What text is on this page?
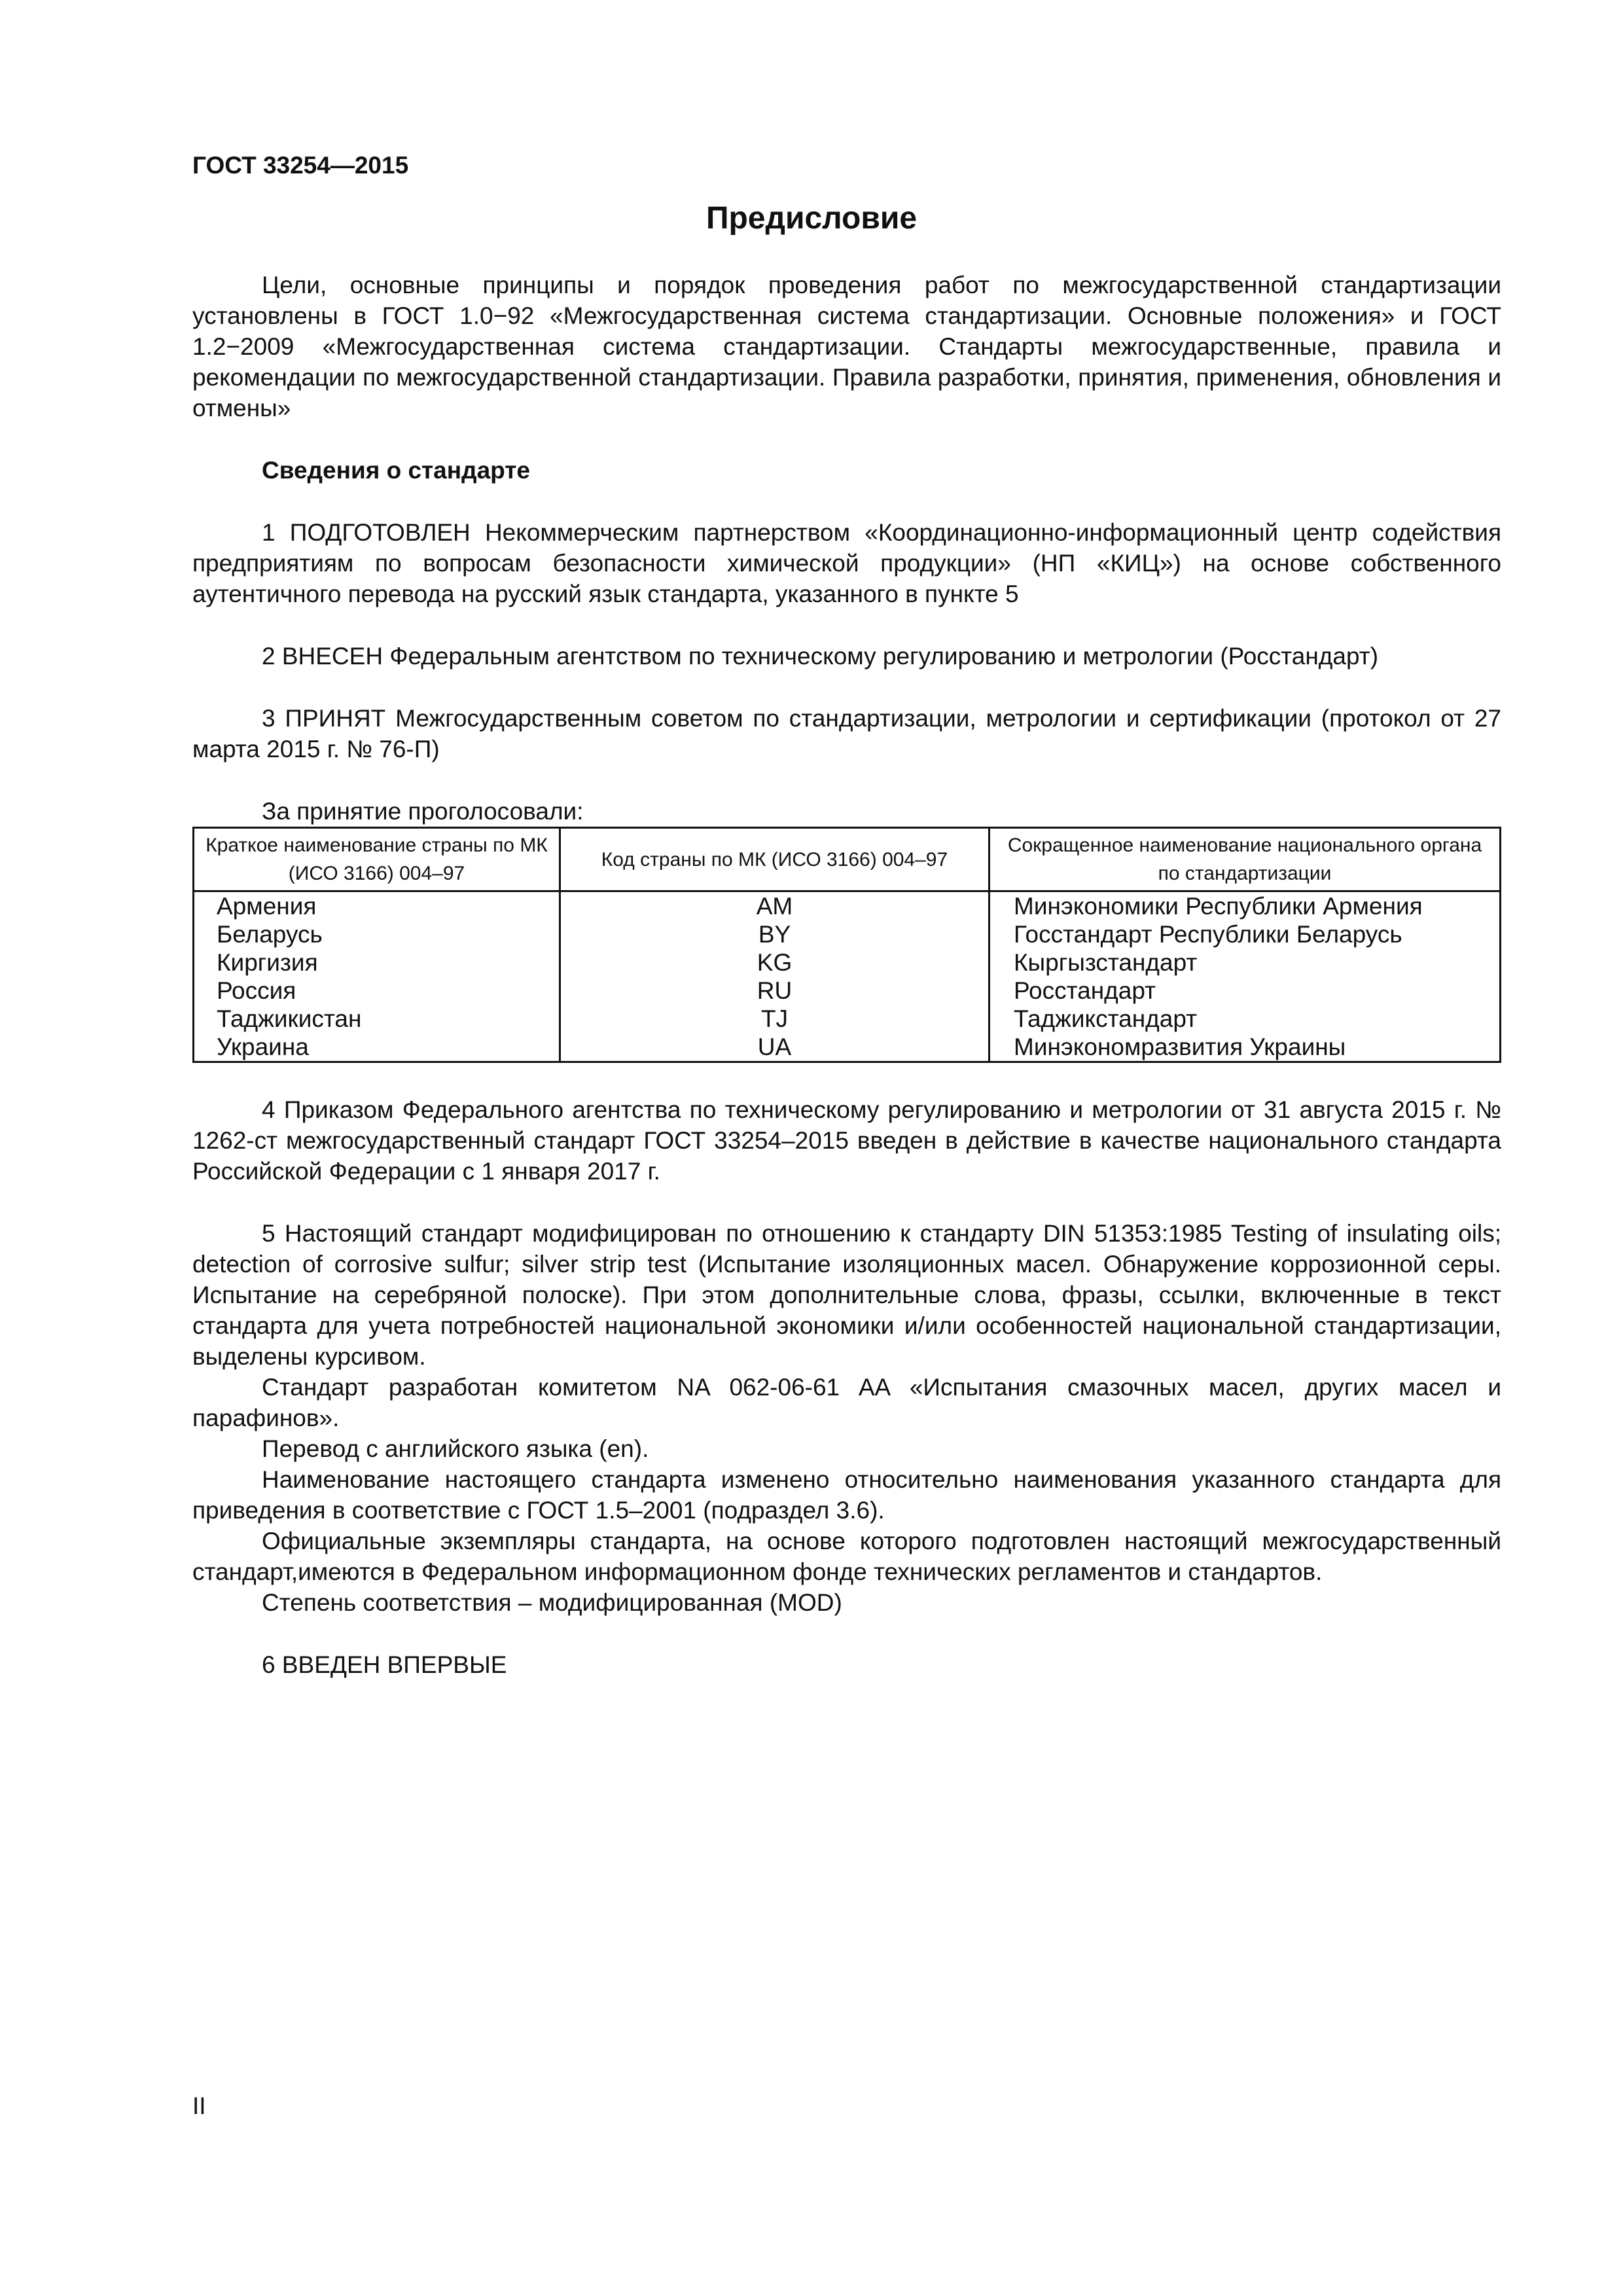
ГОСТ 33254—2015
Предисловие

Цели, основные принципы и порядок проведения работ по межгосударственной стандартизации установлены в ГОСТ 1.0−92 «Межгосударственная система стандартизации. Основные положения» и ГОСТ 1.2−2009 «Межгосударственная система стандартизации. Стандарты межгосударственные, правила и рекомендации по межгосударственной стандартизации. Правила разработки, принятия, применения, обновления и отмены»

Сведения о стандарте

1 ПОДГОТОВЛЕН Некоммерческим партнерством «Координационно-информационный центр содействия предприятиям по вопросам безопасности химической продукции» (НП «КИЦ») на основе собственного аутентичного перевода на русский язык стандарта, указанного в пункте 5

2 ВНЕСЕН Федеральным агентством по техническому регулированию и метрологии (Росстандарт)

3 ПРИНЯТ Межгосударственным советом по стандартизации, метрологии и сертификации (протокол от 27 марта 2015 г. № 76-П)

За принятие проголосовали:

Краткое наименование страны по МК (ИСО 3166) 004–97	Код страны по МК (ИСО 3166) 004–97	Сокращенное наименование национального органа по стандартизации
Армения	AM	Минэкономики Республики Армения
Беларусь	BY	Госстандарт Республики Беларусь
Киргизия	KG	Кыргызстандарт
Россия	RU	Росстандарт
Таджикистан	TJ	Таджикстандарт
Украина	UA	Минэкономразвития Украины

4 Приказом Федерального агентства по техническому регулированию и метрологии от 31 августа 2015 г. № 1262-ст межгосударственный стандарт ГОСТ 33254–2015 введен в действие в качестве национального стандарта Российской Федерации с 1 января 2017 г.

5 Настоящий стандарт модифицирован по отношению к стандарту DIN 51353:1985 Testing of insulating oils; detection of corrosive sulfur; silver strip test (Испытание изоляционных масел. Обнаружение коррозионной серы. Испытание на серебряной полоске). При этом дополнительные слова, фразы, ссылки, включенные в текст стандарта для учета потребностей национальной экономики и/или особенностей национальной стандартизации, выделены курсивом.

Стандарт разработан комитетом NA 062-06-61 AA «Испытания смазочных масел, других масел и парафинов».

Перевод с английского языка (en).

Наименование настоящего стандарта изменено относительно наименования указанного стандарта для приведения в соответствие с ГОСТ 1.5–2001 (подраздел 3.6).

Официальные экземпляры стандарта, на основе которого подготовлен настоящий межгосударственный стандарт,имеются в Федеральном информационном фонде технических регламентов и стандартов.

Степень соответствия – модифицированная (MOD)

6 ВВЕДЕН ВПЕРВЫЕ

II
